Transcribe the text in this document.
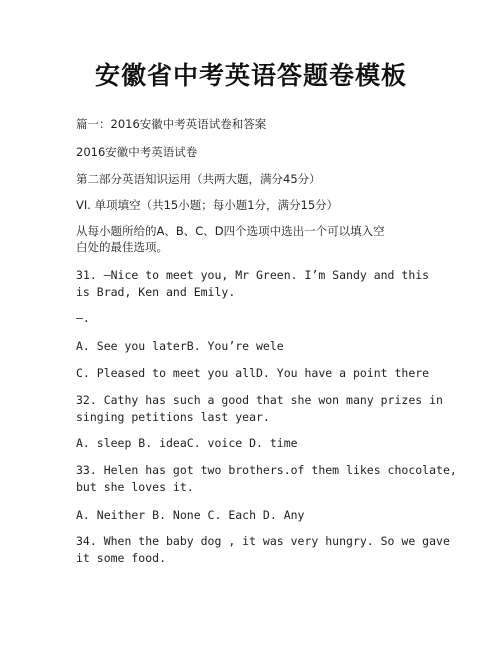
安徽省中考英语答题卷模板
篇一：2016安徽中考英语试卷和答案
2016安徽中考英语试卷
第二部分英语知识运用（共两大题，满分45分）
VI. 单项填空（共15小题；每小题1分，满分15分）
从每小题所给的A、B、C、D四个选项中选出一个可以填入空
白处的最佳选项。
31. —Nice to meet you, Mr Green. I’m Sandy and this
is Brad, Ken and Emily.
—.
A. See you laterB. You’re wele
C. Pleased to meet you allD. You have a point there
32. Cathy has such a good that she won many prizes in
singing petitions last year.
A. sleep B. ideaC. voice D. time
33. Helen has got two brothers.of them likes chocolate,
but she loves it.
A. Neither B. None C. Each D. Any
34. When the baby dog , it was very hungry. So we gave
it some food.
